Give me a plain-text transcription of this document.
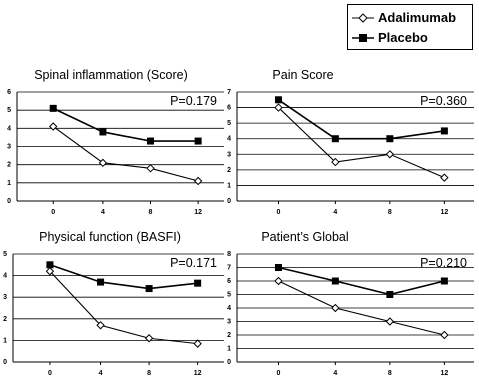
0
1
2
3
4
5
6
0	4	8	12
Spinal inflammation (Score)
P=0.179
0
1
2
3
4
5
6
7
0	4	8	12
Pain Score
P=0.360
0
1
2
3
4
5
0	4	8	12
Physical function (BASFI)
P=0.171
0
1
2
3
4
5
6
7
8
0	4	8	12
Patient’s Global
P=0.210
Adalimumab
Placebo
